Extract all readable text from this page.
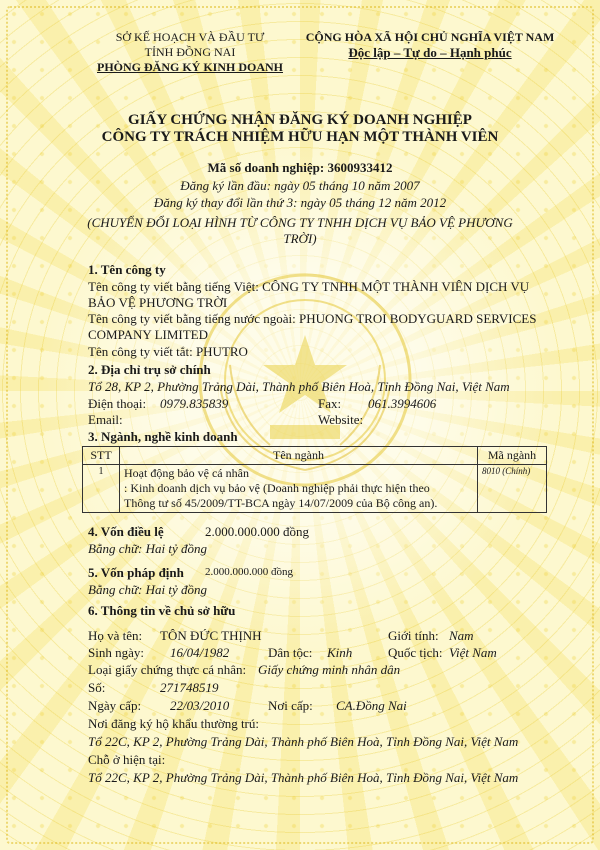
SỞ KẾ HOẠCH VÀ ĐẦU TƯ
TỈNH ĐỒNG NAI
PHÒNG ĐĂNG KÝ KINH DOANH
CỘNG HÒA XÃ HỘI CHỦ NGHĨA VIỆT NAM
Độc lập – Tự do – Hạnh phúc
GIẤY CHỨNG NHẬN ĐĂNG KÝ DOANH NGHIỆP
CÔNG TY TRÁCH NHIỆM HỮU HẠN MỘT THÀNH VIÊN
Mã số doanh nghiệp: 3600933412
Đăng ký lần đầu: ngày 05 tháng 10 năm 2007
Đăng ký thay đổi lần thứ 3: ngày 05 tháng 12 năm 2012
(CHUYỂN ĐỔI LOẠI HÌNH TỪ CÔNG TY TNHH DỊCH VỤ BẢO VỆ PHƯƠNG
TRỜI)
1. Tên công ty
Tên công ty viết bằng tiếng Việt: CÔNG TY TNHH MỘT THÀNH VIÊN DỊCH VỤ
BẢO VỆ PHƯƠNG TRỜI
Tên công ty viết bằng tiếng nước ngoài: PHUONG TROI BODYGUARD SERVICES
COMPANY LIMITED
Tên công ty viết tắt: PHUTRO
2. Địa chỉ trụ sở chính
Tổ 28, KP 2, Phường Trảng Dài, Thành phố Biên Hoà, Tỉnh Đồng Nai, Việt Nam
Điện thoại: 0979.835839	Fax: 061.3994606
Email:	Website:
3. Ngành, nghề kinh doanh
STT	Tên ngành	Mã ngành
1	Hoạt động bảo vệ cá nhân
: Kinh doanh dịch vụ bảo vệ (Doanh nghiệp phải thực hiện theo
Thông tư số 45/2009/TT-BCA ngày 14/07/2009 của Bộ công an).	8010 (Chính)
4. Vốn điều lệ	2.000.000.000 đồng
Bằng chữ: Hai tỷ đồng
5. Vốn pháp định 2.000.000.000 đồng
Bằng chữ: Hai tỷ đồng
6. Thông tin về chủ sở hữu
Họ và tên: TÔN ĐỨC THỊNH	Giới tính: Nam
Sinh ngày: 16/04/1982	Dân tộc: Kinh	Quốc tịch: Việt Nam
Loại giấy chứng thực cá nhân: Giấy chứng minh nhân dân
Số:	271748519
Ngày cấp: 22/03/2010	Nơi cấp: CA.Đồng Nai
Nơi đăng ký hộ khẩu thường trú:
Tổ 22C, KP 2, Phường Trảng Dài, Thành phố Biên Hoà, Tỉnh Đồng Nai, Việt Nam
Chỗ ở hiện tại:
Tổ 22C, KP 2, Phường Trảng Dài, Thành phố Biên Hoà, Tỉnh Đồng Nai, Việt Nam
